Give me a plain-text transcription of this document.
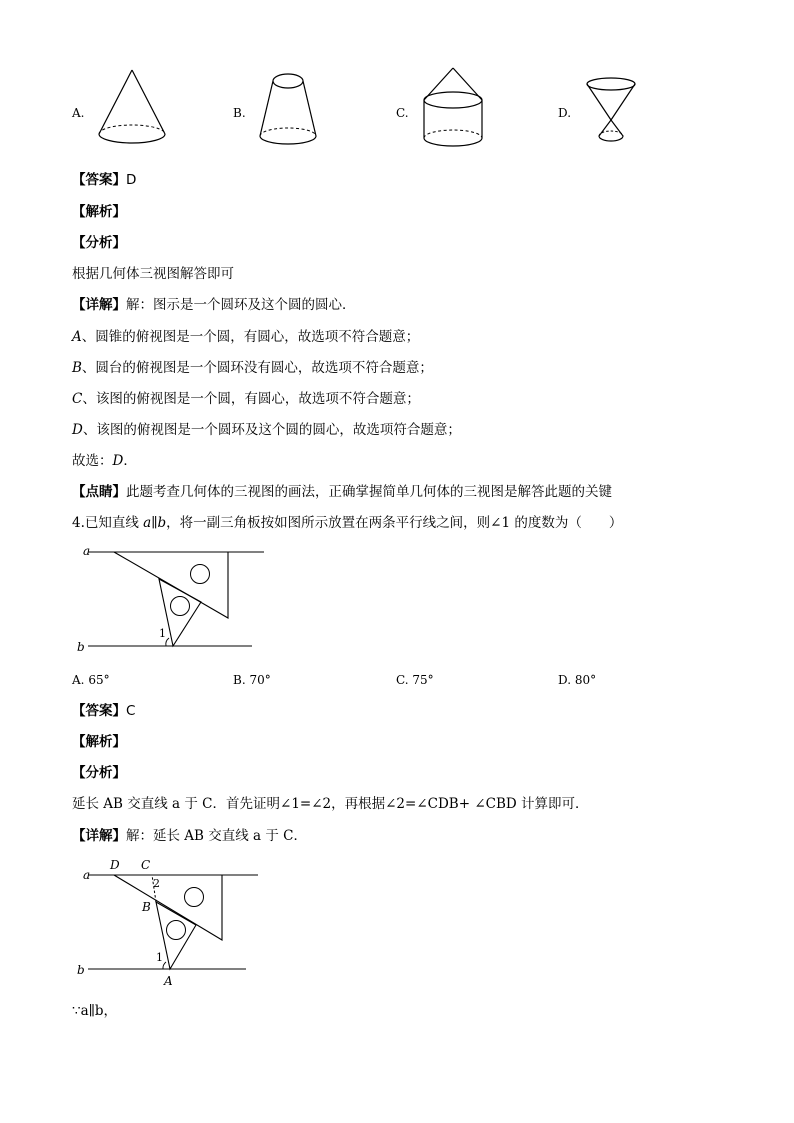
A.	B.	C.	D.
【答案】D
【解析】
【分析】
根据几何体三视图解答即可
【详解】解：图示是一个圆环及这个圆的圆心．
A、圆锥的俯视图是一个圆，有圆心，故选项不符合题意；
B、圆台的俯视图是一个圆环没有圆心，故选项不符合题意；
C、该图的俯视图是一个圆，有圆心，故选项不符合题意；
D、该图的俯视图是一个圆环及这个圆的圆心，故选项符合题意；
故选：D．
【点睛】此题考查几何体的三视图的画法，正确掌握简单几何体的三视图是解答此题的关键
4.已知直线 a∥b，将一副三角板按如图所示放置在两条平行线之间，则∠1 的度数为（　　）
a
b
1
A. 65°	B. 70°	C. 75°	D. 80°
【答案】C
【解析】
【分析】
延长 AB 交直线 a 于 C．首先证明∠1=∠2，再根据∠2=∠CDB+ ∠CBD 计算即可．
【详解】解：延长 AB 交直线 a 于 C．
a
b
D C
2
B
1
A
∵a∥b，
